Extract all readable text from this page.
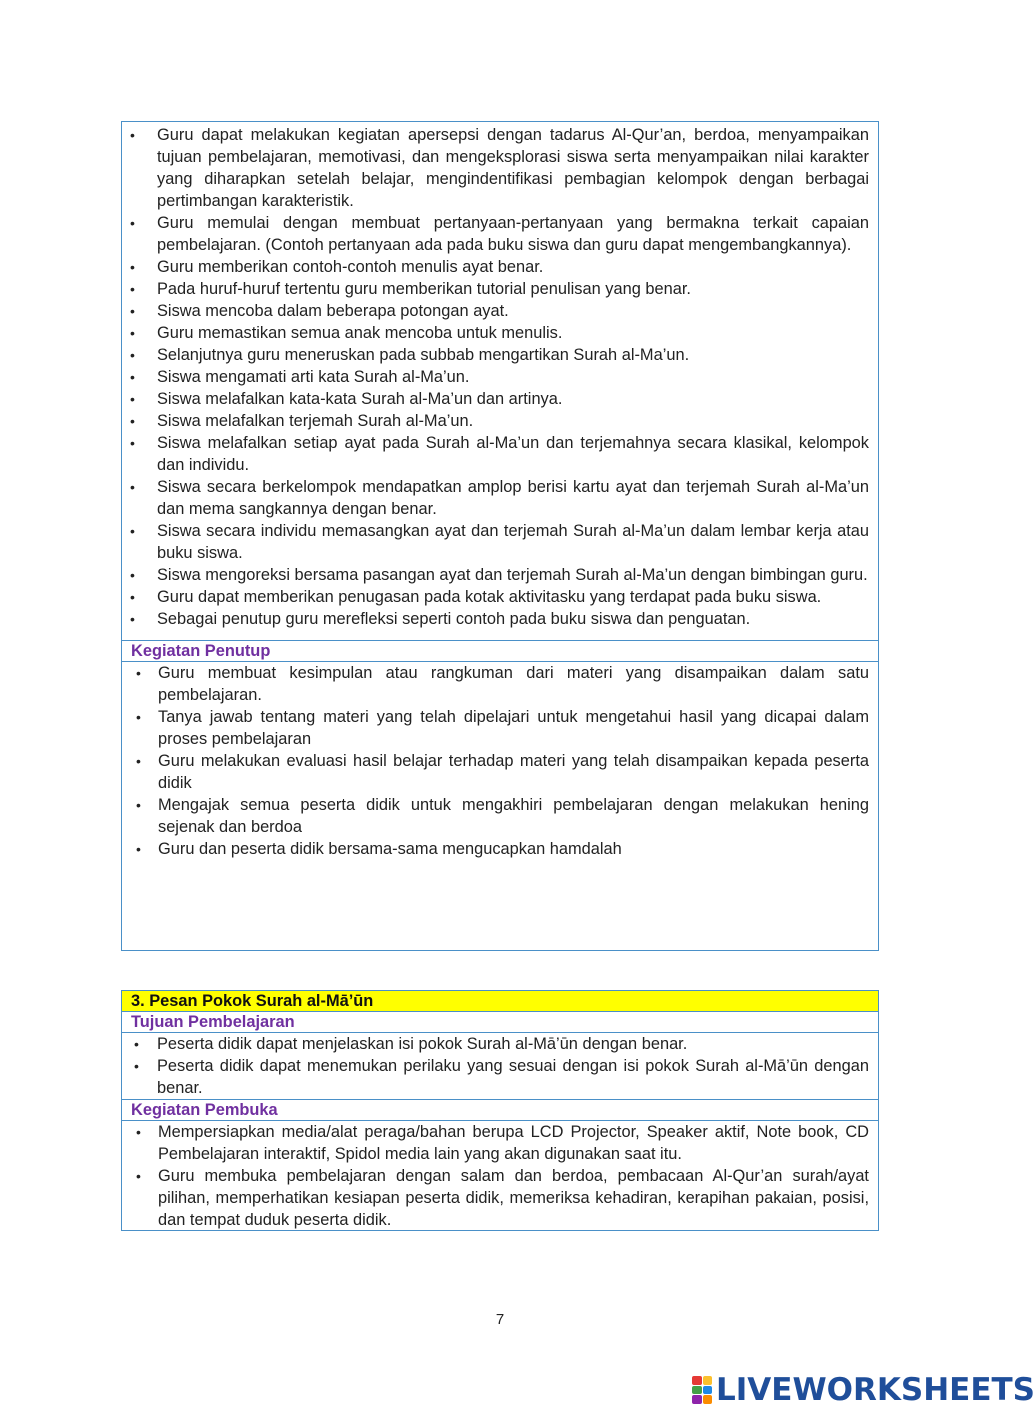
•	Guru dapat melakukan kegiatan apersepsi dengan tadarus Al-Qur’an, berdoa, menyampaikan tujuan pembelajaran, memotivasi, dan mengeksplorasi siswa serta menyampaikan nilai karakter yang diharapkan setelah belajar, mengindentifikasi pembagian kelompok dengan berbagai pertimbangan karakteristik.
•	Guru memulai dengan membuat pertanyaan-pertanyaan yang bermakna terkait capaian pembelajaran. (Contoh pertanyaan ada pada buku siswa dan guru dapat mengembangkannya).
•	Guru memberikan contoh-contoh menulis ayat benar.
•	Pada huruf-huruf tertentu guru memberikan tutorial penulisan yang benar.
•	Siswa mencoba dalam beberapa potongan ayat.
•	Guru memastikan semua anak mencoba untuk menulis.
•	Selanjutnya guru meneruskan pada subbab mengartikan Surah al-Ma’un.
•	Siswa mengamati arti kata Surah al-Ma’un.
•	Siswa melafalkan kata-kata Surah al-Ma’un dan artinya.
•	Siswa melafalkan terjemah Surah al-Ma’un.
•	Siswa melafalkan setiap ayat pada Surah al-Ma’un dan terjemahnya secara klasikal, kelompok dan individu.
•	Siswa secara berkelompok mendapatkan amplop berisi kartu ayat dan terjemah Surah al-Ma’un dan mema sangkannya dengan benar.
•	Siswa secara individu memasangkan ayat dan terjemah Surah al-Ma’un dalam lembar kerja atau buku siswa.
•	Siswa mengoreksi bersama pasangan ayat dan terjemah Surah al-Ma’un dengan bimbingan guru.
•	Guru dapat memberikan penugasan pada kotak aktivitasku yang terdapat pada buku siswa.
•	Sebagai penutup guru merefleksi seperti contoh pada buku siswa dan penguatan.
Kegiatan Penutup
•	Guru membuat kesimpulan atau rangkuman dari materi yang disampaikan dalam satu pembelajaran.
•	Tanya jawab tentang materi yang telah dipelajari untuk mengetahui hasil yang dicapai dalam proses pembelajaran
•	Guru melakukan evaluasi hasil belajar terhadap materi yang telah disampaikan kepada peserta didik
•	Mengajak semua peserta didik untuk mengakhiri pembelajaran dengan melakukan hening sejenak dan berdoa
•	Guru dan peserta didik bersama-sama mengucapkan hamdalah
3. Pesan Pokok Surah al-Mā’ūn
Tujuan Pembelajaran
•	Peserta didik dapat menjelaskan isi pokok Surah al-Mā’ūn dengan benar.
•	Peserta didik dapat menemukan perilaku yang sesuai dengan isi pokok Surah al-Mā’ūn dengan benar.
Kegiatan Pembuka
•	Mempersiapkan media/alat peraga/bahan berupa LCD Projector, Speaker aktif, Note book, CD Pembelajaran interaktif, Spidol media lain yang akan digunakan saat itu.
•	Guru membuka pembelajaran dengan salam dan berdoa, pembacaan Al-Qur’an surah/ayat pilihan, memperhatikan kesiapan peserta didik, memeriksa kehadiran, kerapihan pakaian, posisi, dan tempat duduk peserta didik.
7
LIVEWORKSHEETS
